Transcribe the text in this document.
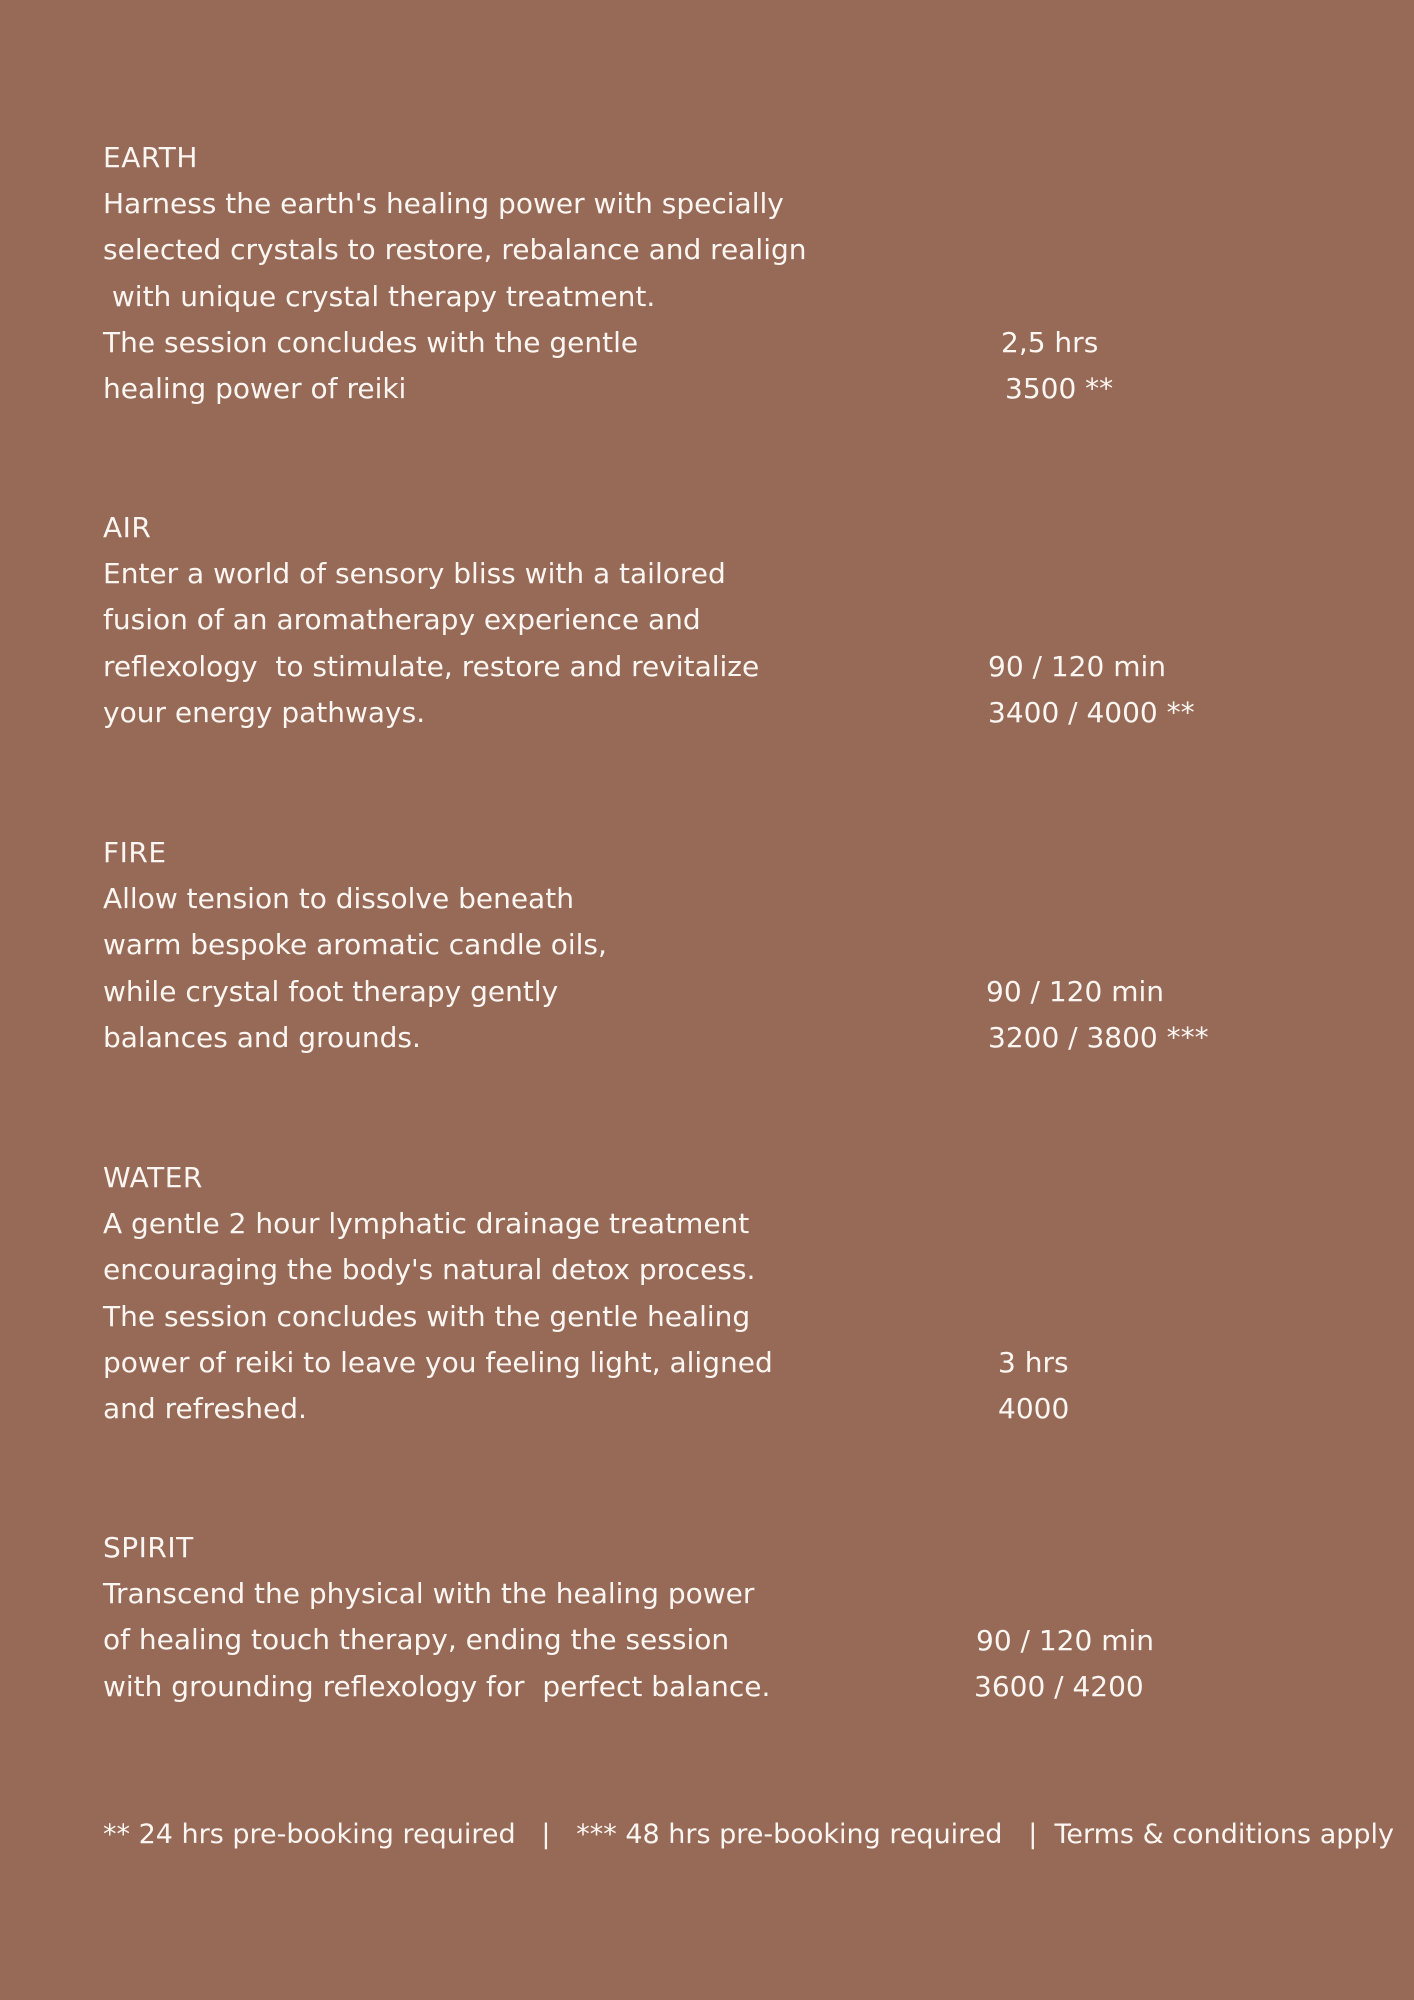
EARTH
Harness the earth's healing power with specially
selected crystals to restore, rebalance and realign
with unique crystal therapy treatment.
The session concludes with the gentle
healing power of reiki
2,5 hrs
3500 **
AIR
Enter a world of sensory bliss with a tailored
fusion of an aromatherapy experience and
reflexology  to stimulate, restore and revitalize
your energy pathways.
90 / 120 min
3400 / 4000 **
FIRE
Allow tension to dissolve beneath
warm bespoke aromatic candle oils,
while crystal foot therapy gently
balances and grounds.
90 / 120 min
3200 / 3800 ***
WATER
A gentle 2 hour lymphatic drainage treatment
encouraging the body's natural detox process.
The session concludes with the gentle healing
power of reiki to leave you feeling light, aligned
and refreshed.
3 hrs
4000
SPIRIT
Transcend the physical with the healing power
of healing touch therapy, ending the session
with grounding reflexology for  perfect balance.
90 / 120 min
3600 / 4200
** 24 hrs pre-booking required | *** 48 hrs pre-booking required | Terms & conditions apply
